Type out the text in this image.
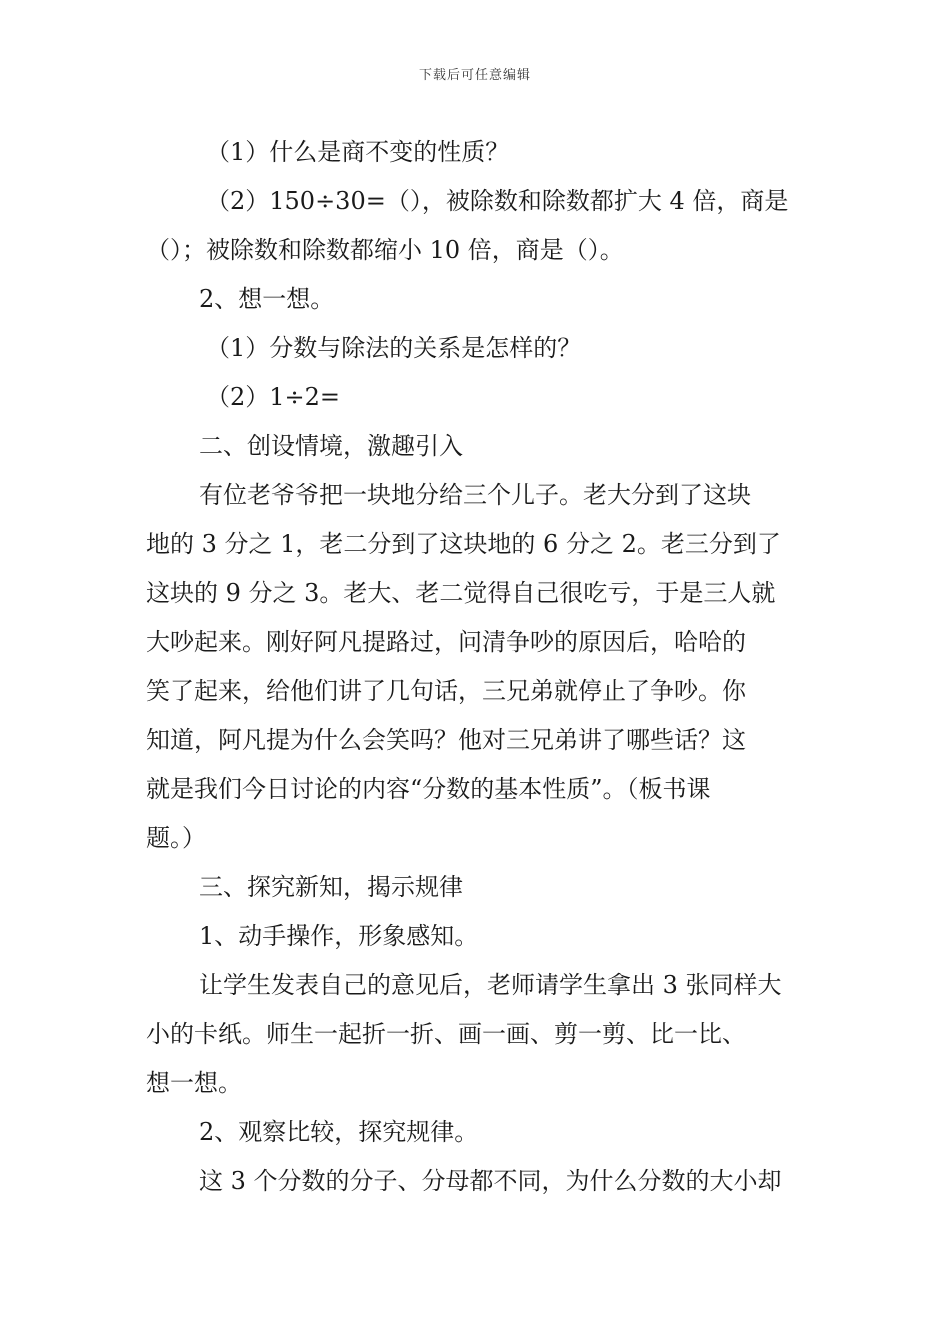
下载后可任意编辑
（1）什么是商不变的性质？
（2）150÷30=（），被除数和除数都扩大 4 倍，商是
（）；被除数和除数都缩小 10 倍，商是（）。
2、想一想。
（1）分数与除法的关系是怎样的？
（2）1÷2=
二、创设情境，激趣引入
有位老爷爷把一块地分给三个儿子。老大分到了这块
地的 3 分之 1，老二分到了这块地的 6 分之 2。老三分到了
这块的 9 分之 3。老大、老二觉得自己很吃亏，于是三人就
大吵起来。刚好阿凡提路过，问清争吵的原因后，哈哈的
笑了起来，给他们讲了几句话，三兄弟就停止了争吵。你
知道，阿凡提为什么会笑吗？他对三兄弟讲了哪些话？这
就是我们今日讨论的内容“分数的基本性质”。（板书课
题。）
三、探究新知，揭示规律
1、动手操作，形象感知。
让学生发表自己的意见后，老师请学生拿出 3 张同样大
小的卡纸。师生一起折一折、画一画、剪一剪、比一比、
想一想。
2、观察比较，探究规律。
这 3 个分数的分子、分母都不同，为什么分数的大小却
